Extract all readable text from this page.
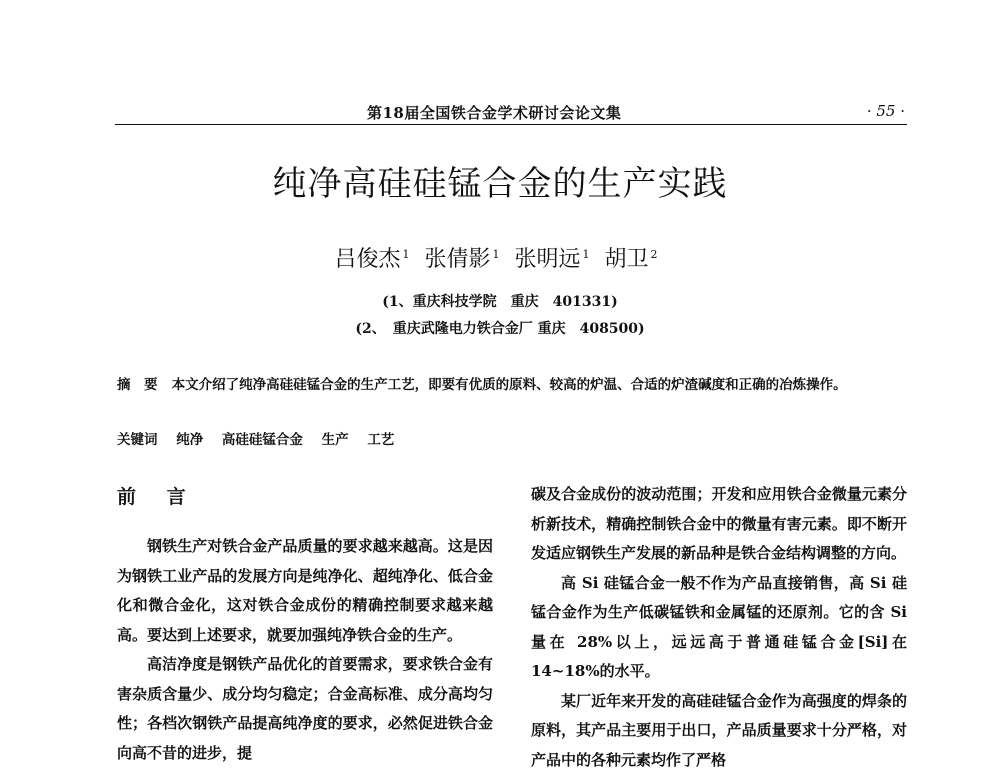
第18届全国铁合金学术研讨会论文集	· 55 ·
纯净高硅硅锰合金的生产实践
吕俊杰 $^1$ 张倩影 $^1$ 张明远 $^1$ 胡卫 $^2$
(1、重庆科技学院　重庆　401331)
(2、　重庆武隆电力铁合金厂 重庆　408500)
摘　要 本文介绍了纯净高硅硅锰合金的生产工艺，即要有优质的原料、较高的炉温、合适的炉渣碱度和正确的冶炼操作。
关键词 纯净 高硅硅锰合金 生产 工艺
前 言

钢铁生产对铁合金产品质量的要求越来越高。这是因为钢铁工业产品的发展方向是纯净化、超纯净化、低合金化和微合金化，这对铁合金成份的精确控制要求越来越高。要达到上述要求，就要加强纯净铁合金的生产。

高洁净度是钢铁产品优化的首要需求，要求铁合金有害杂质含量少、成分均匀稳定；合金高标准、成分高均匀性；各档次钢铁产品提高纯净度的要求，必然促进铁合金向高不昔的进步，提

碳及合金成份的波动范围；开发和应用铁合金微量元素分析新技术，精确控制铁合金中的微量有害元素。即不断开发适应钢铁生产发展的新品种是铁合金结构调整的方向。

高 Si 硅锰合金一般不作为产品直接销售，高 Si 硅锰合金作为生产低碳锰铁和金属锰的还原剂。它的含 Si 量在 28%以上，远远高于普通硅锰合金[Si]在 14~18%的水平。

某厂近年来开发的高硅硅锰合金作为高强度的焊条的原料，其产品主要用于出口，产品质量要求十分严格，对产品中的各种元素均作了严格
